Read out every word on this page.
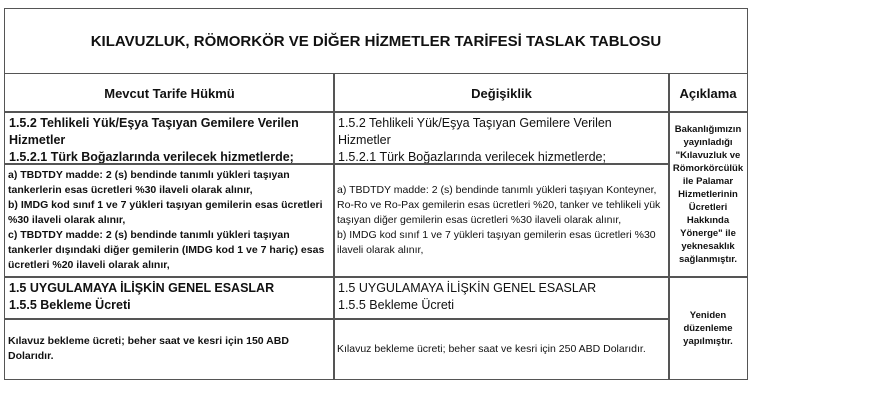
KILAVUZLUK, RÖMORKÖR VE DİĞER HİZMETLER TARİFESİ TASLAK TABLOSU
Mevcut Tarife Hükmü	Değişiklik	Açıklama
1.5.2 Tehlikeli Yük/Eşya Taşıyan Gemilere Verilen Hizmetler
1.5.2.1 Türk Boğazlarında verilecek hizmetlerde;
a) TBDTDY madde: 2 (s) bendinde tanımlı yükleri taşıyan tankerlerin esas ücretleri %30 ilaveli olarak alınır,
b) IMDG kod sınıf 1 ve 7 yükleri taşıyan gemilerin esas ücretleri %30 ilaveli olarak alınır,
c) TBDTDY madde: 2 (s) bendinde tanımlı yükleri taşıyan tankerler dışındaki diğer gemilerin (IMDG kod 1 ve 7 hariç) esas ücretleri %20 ilaveli olarak alınır,
1.5.2 Tehlikeli Yük/Eşya Taşıyan Gemilere Verilen Hizmetler
1.5.2.1 Türk Boğazlarında verilecek hizmetlerde;
a) TBDTDY madde: 2 (s) bendinde tanımlı yükleri taşıyan Konteyner, Ro-Ro ve Ro-Pax gemilerin esas ücretleri %20, tanker ve tehlikeli yük taşıyan diğer gemilerin esas ücretleri %30 ilaveli olarak alınır,
b) IMDG kod sınıf 1 ve 7 yükleri taşıyan gemilerin esas ücretleri %30 ilaveli olarak alınır,
Bakanlığımızın yayınladığı "Kılavuzluk ve Römorkörcülük ile Palamar Hizmetlerinin Ücretleri Hakkında Yönerge" ile yeknesaklık sağlanmıştır.
1.5 UYGULAMAYA İLİŞKİN GENEL ESASLAR
1.5.5 Bekleme Ücreti
Kılavuz bekleme ücreti; beher saat ve kesri için 150 ABD Dolarıdır.
1.5 UYGULAMAYA İLİŞKİN GENEL ESASLAR
1.5.5 Bekleme Ücreti
Kılavuz bekleme ücreti; beher saat ve kesri için 250 ABD Dolarıdır.
Yeniden düzenleme yapılmıştır.
